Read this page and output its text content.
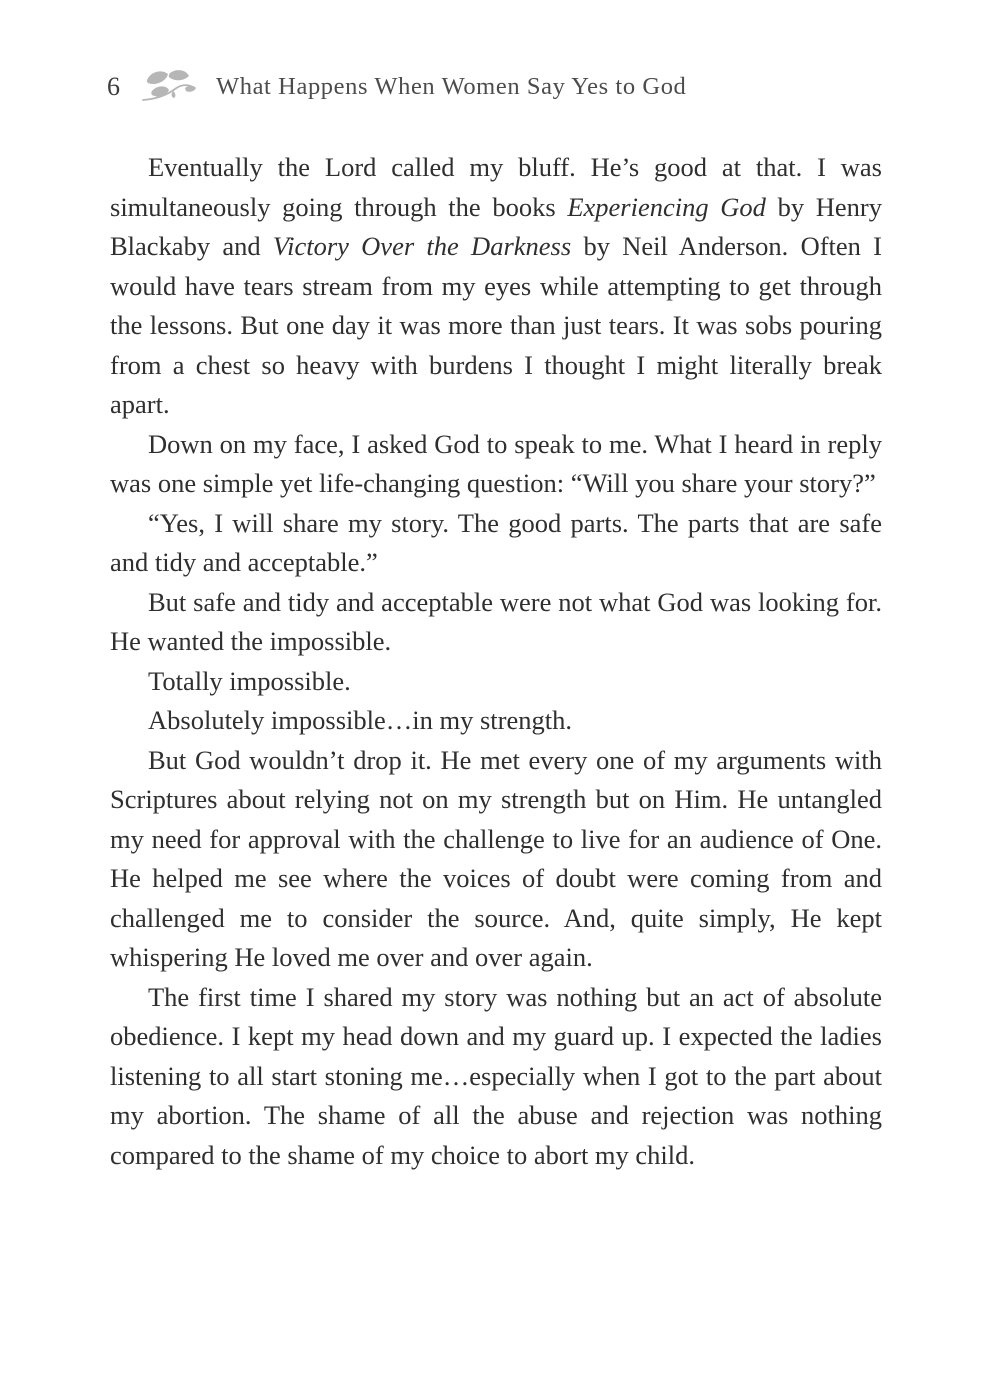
6	What Happens When Women Say Yes to God

Eventually the Lord called my bluff. He’s good at that. I was simultaneously going through the books Experiencing God by Henry Blackaby and Victory Over the Darkness by Neil Anderson. Often I would have tears stream from my eyes while attempting to get through the lessons. But one day it was more than just tears. It was sobs pouring from a chest so heavy with burdens I thought I might literally break apart.

Down on my face, I asked God to speak to me. What I heard in reply was one simple yet life-changing question: “Will you share your story?”

“Yes, I will share my story. The good parts. The parts that are safe and tidy and acceptable.”

But safe and tidy and acceptable were not what God was looking for. He wanted the impossible.

Totally impossible.

Absolutely impossible…in my strength.

But God wouldn’t drop it. He met every one of my arguments with Scriptures about relying not on my strength but on Him. He untangled my need for approval with the challenge to live for an audience of One. He helped me see where the voices of doubt were coming from and challenged me to consider the source. And, quite simply, He kept whispering He loved me over and over again.

The first time I shared my story was nothing but an act of absolute obedience. I kept my head down and my guard up. I expected the ladies listening to all start stoning me…especially when I got to the part about my abortion. The shame of all the abuse and rejection was nothing compared to the shame of my choice to abort my child.
